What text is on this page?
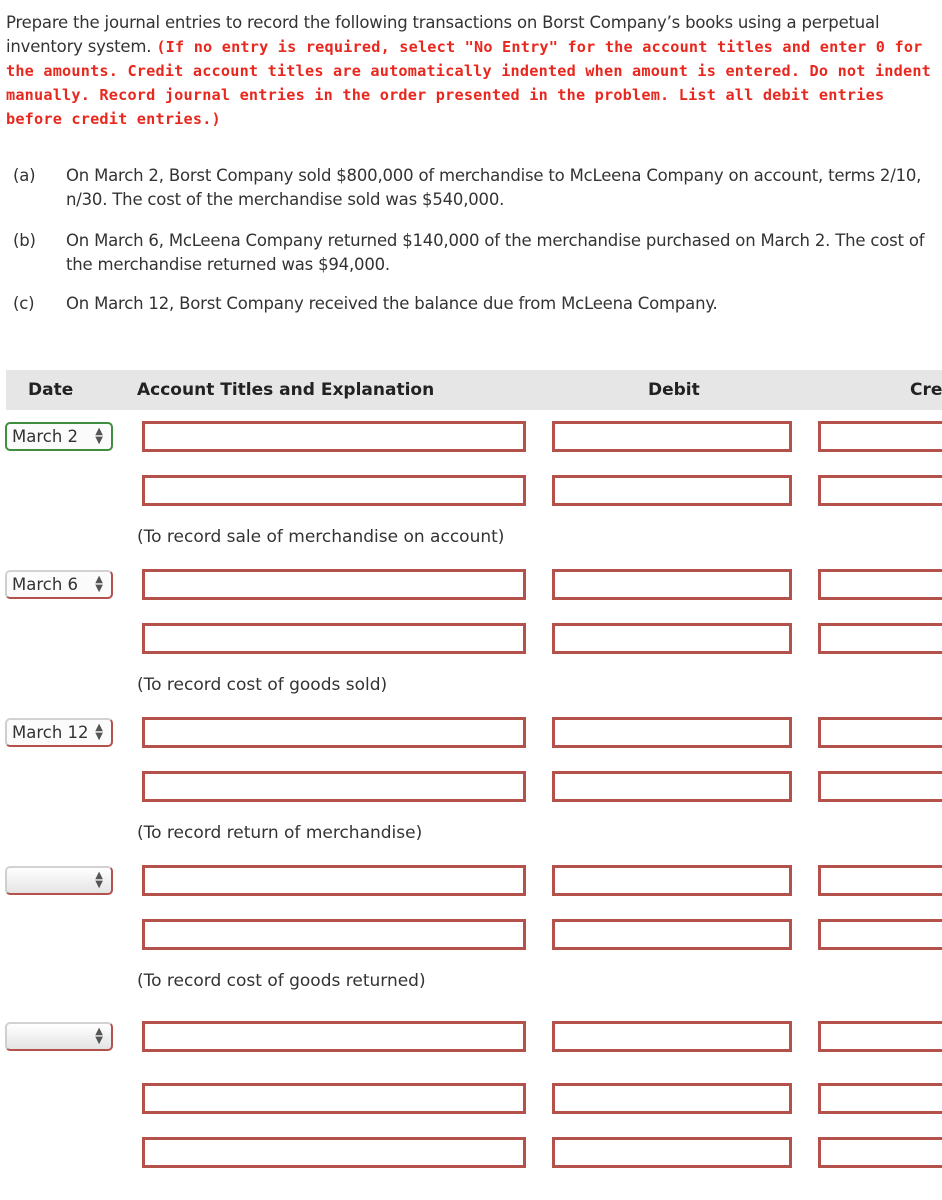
Prepare the journal entries to record the following transactions on Borst Company’s books using a perpetual inventory system. (If no entry is required, select "No Entry" for the account titles and enter 0 for the amounts. Credit account titles are automatically indented when amount is entered. Do not indent manually. Record journal entries in the order presented in the problem. List all debit entries before credit entries.)
(a) On March 2, Borst Company sold $800,000 of merchandise to McLeena Company on account, terms 2/10, n/30. The cost of the merchandise sold was $540,000.
(b) On March 6, McLeena Company returned $140,000 of the merchandise purchased on March 2. The cost of the merchandise returned was $94,000.
(c) On March 12, Borst Company received the balance due from McLeena Company.
Date	Account Titles and Explanation	Debit	Cre
March 2 ▲
▼
(To record sale of merchandise on account)
March 6 ▲
▼
(To record cost of goods sold)
March 12 ▲
▼
(To record return of merchandise)
▲
▼
(To record cost of goods returned)
▲
▼
